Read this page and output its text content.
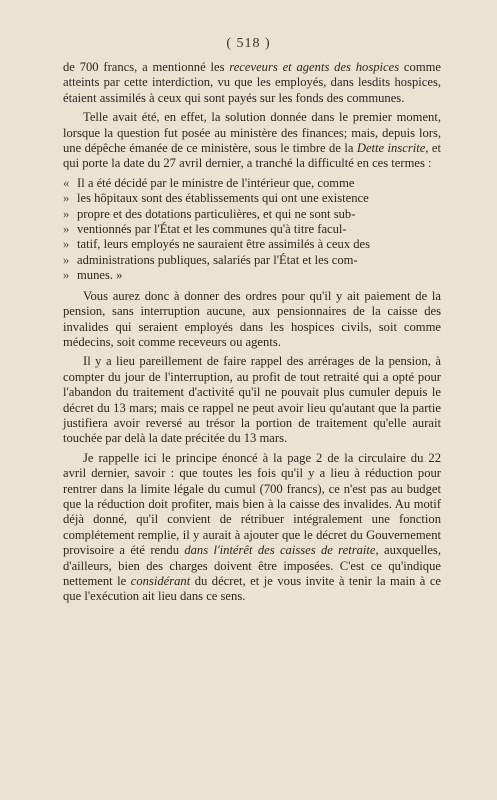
( 518 )

de 700 francs, a mentionné les receveurs et agents des hospices comme atteints par cette interdiction, vu que les employés, dans lesdits hospices, étaient assimilés à ceux qui sont payés sur les fonds des communes.

Telle avait été, en effet, la solution donnée dans le premier moment, lorsque la question fut posée au ministère des finances; mais, depuis lors, une dépêche émanée de ce ministère, sous le timbre de la Dette inscrite, et qui porte la date du 27 avril dernier, a tranché la difficulté en ces termes :

« Il a été décidé par le ministre de l'intérieur que, comme
» les hôpitaux sont des établissements qui ont une existence
» propre et des dotations particulières, et qui ne sont sub-
» ventionnés par l'État et les communes qu'à titre facul-
» tatif, leurs employés ne sauraient être assimilés à ceux des
» administrations publiques, salariés par l'État et les com-
» munes. »

Vous aurez donc à donner des ordres pour qu'il y ait paiement de la pension, sans interruption aucune, aux pensionnaires de la caisse des invalides qui seraient employés dans les hospices civils, soit comme médecins, soit comme receveurs ou agents.

Il y a lieu pareillement de faire rappel des arrérages de la pension, à compter du jour de l'interruption, au profit de tout retraité qui a opté pour l'abandon du traitement d'activité qu'il ne pouvait plus cumuler depuis le décret du 13 mars; mais ce rappel ne peut avoir lieu qu'autant que la partie justifiera avoir reversé au trésor la portion de traitement qu'elle aurait touchée par delà la date précitée du 13 mars.

Je rappelle ici le principe énoncé à la page 2 de la circulaire du 22 avril dernier, savoir : que toutes les fois qu'il y a lieu à réduction pour rentrer dans la limite légale du cumul (700 francs), ce n'est pas au budget que la réduction doit profiter, mais bien à la caisse des invalides. Au motif déjà donné, qu'il convient de rétribuer intégralement une fonction complétement remplie, il y aurait à ajouter que le décret du Gouvernement provisoire a été rendu dans l'intérêt des caisses de retraite, auxquelles, d'ailleurs, bien des charges doivent être imposées. C'est ce qu'indique nettement le considérant du décret, et je vous invite à tenir la main à ce que l'exécution ait lieu dans ce sens.
